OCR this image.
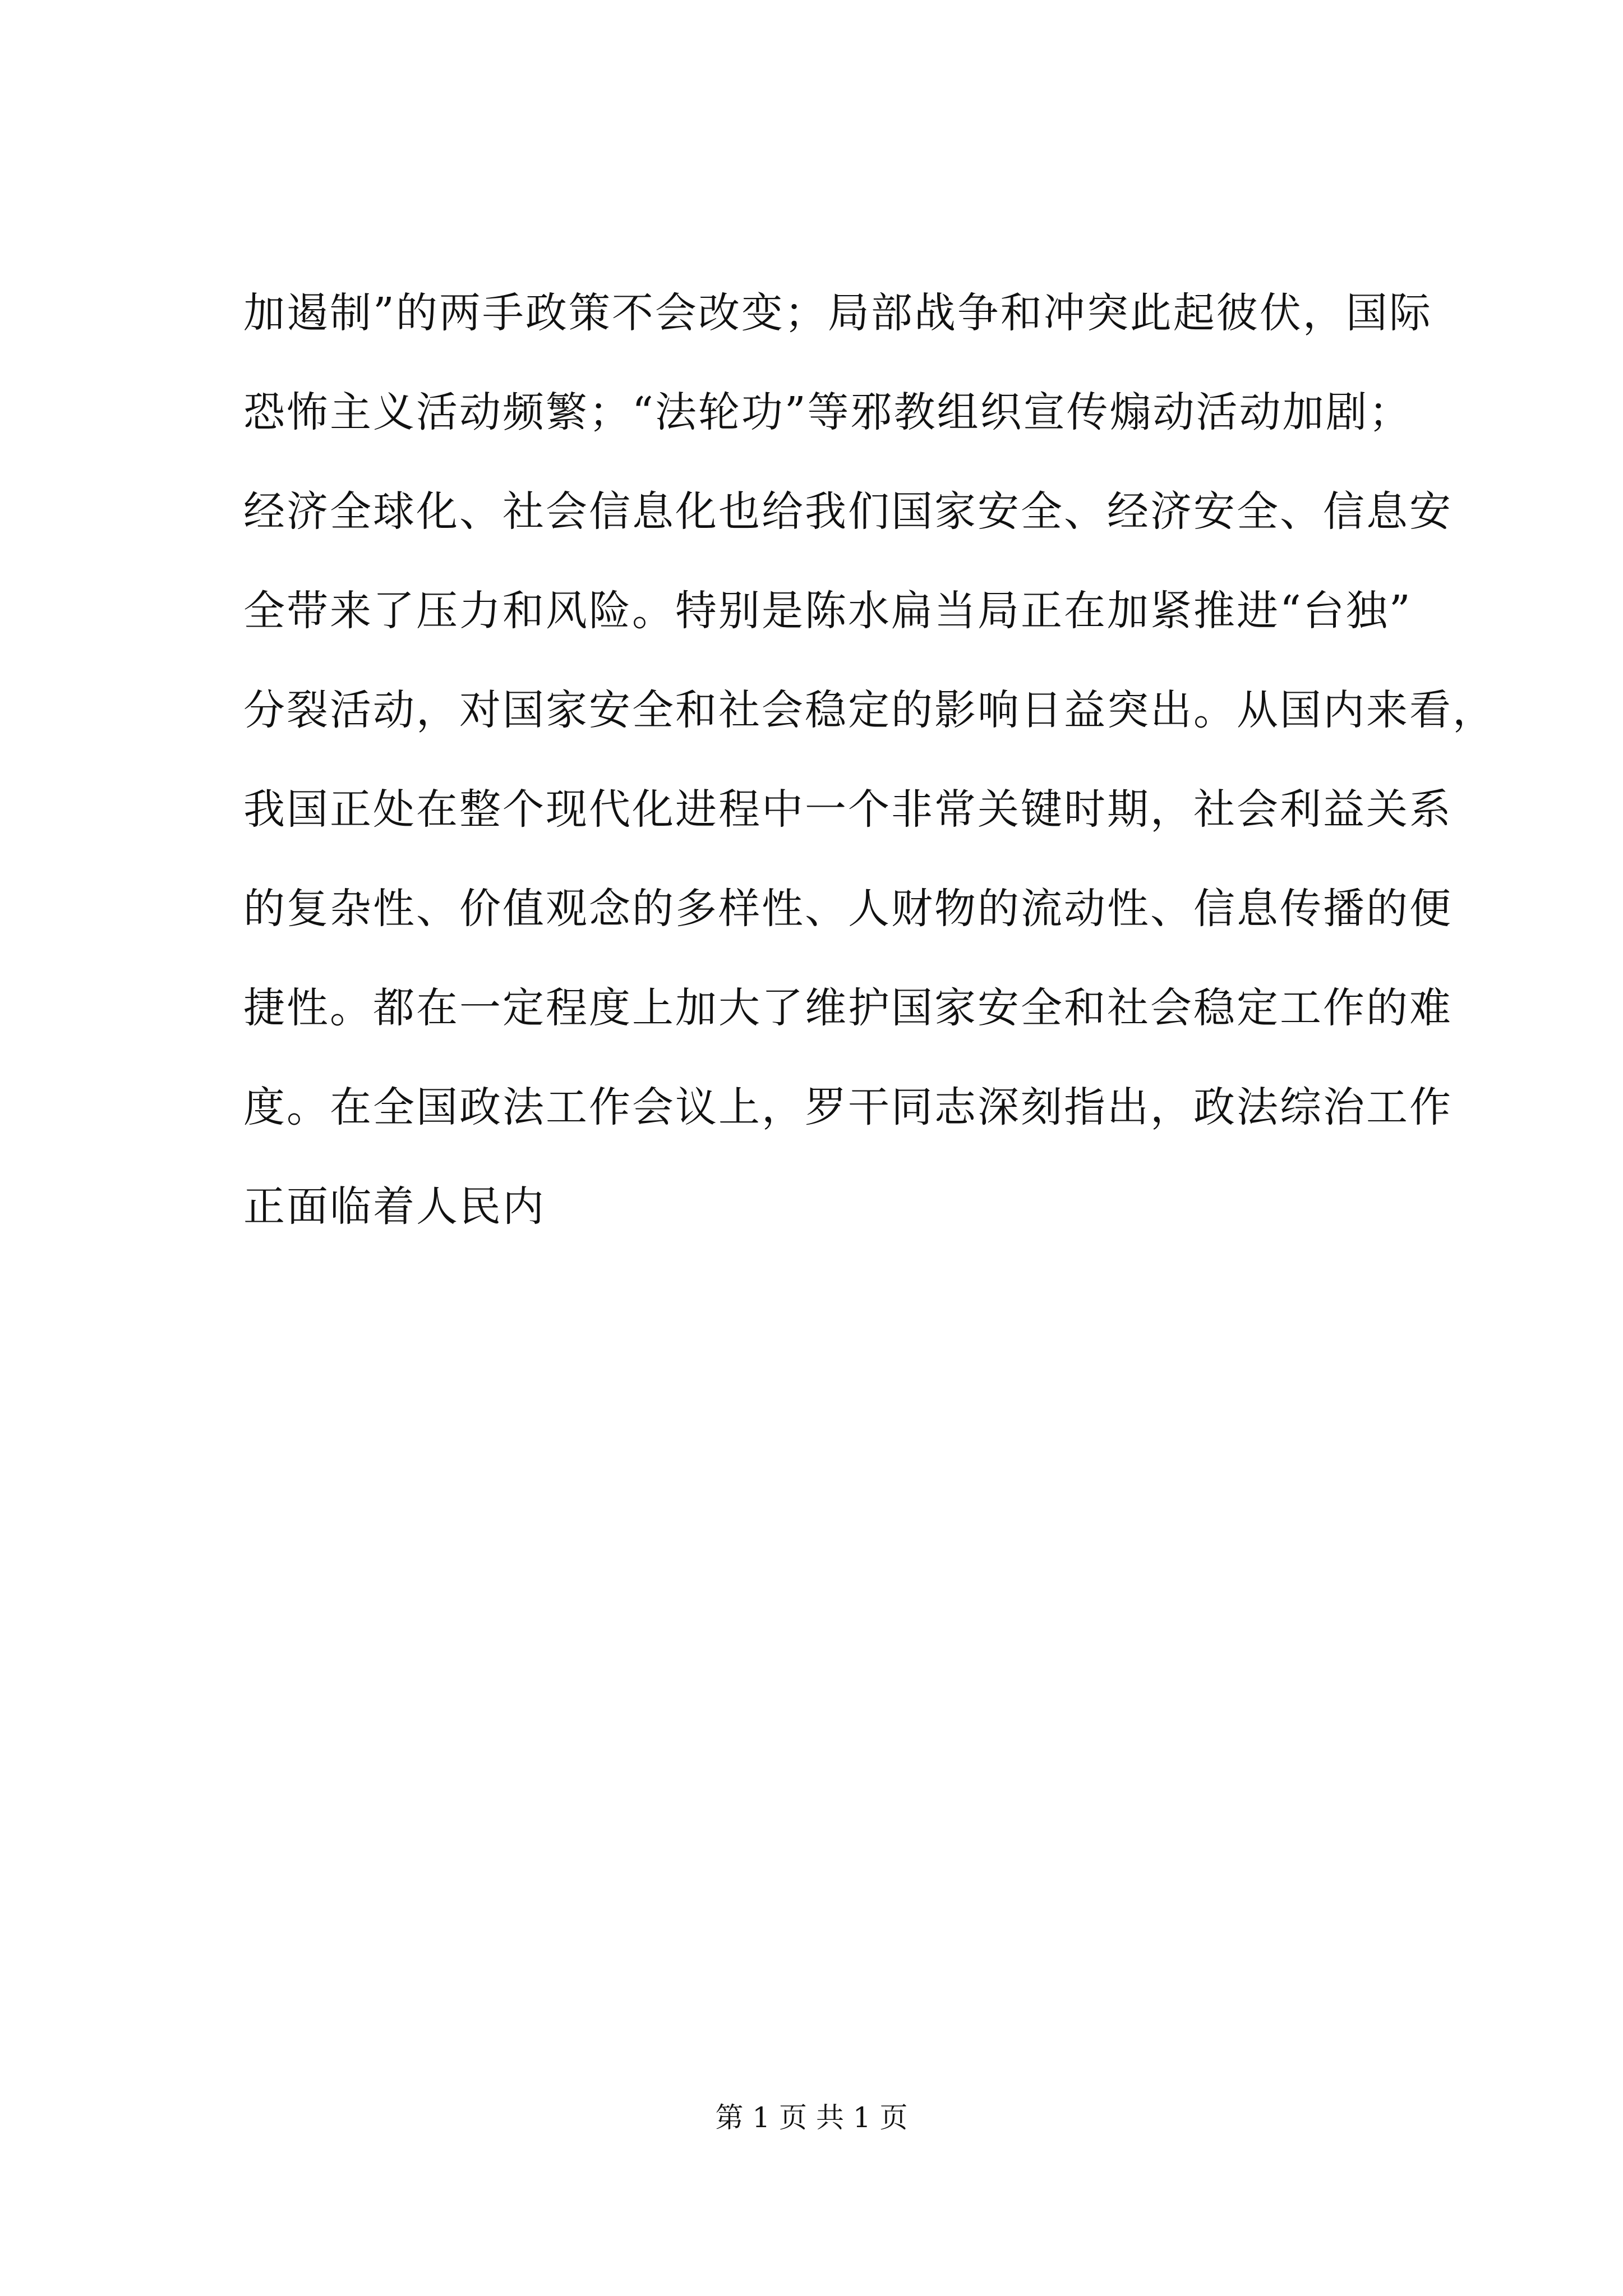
加遏制”的两手政策不会改变；局部战争和冲突此起彼伏，国际
恐怖主义活动频繁；“法轮功”等邪教组织宣传煽动活动加剧；
经济全球化、社会信息化也给我们国家安全、经济安全、信息安
全带来了压力和风险。特别是陈水扁当局正在加紧推进“台独”
分裂活动，对国家安全和社会稳定的影响日益突出。从国内来看，
我国正处在整个现代化进程中一个非常关键时期，社会利益关系
的复杂性、价值观念的多样性、人财物的流动性、信息传播的便
捷性。都在一定程度上加大了维护国家安全和社会稳定工作的难
度。在全国政法工作会议上，罗干同志深刻指出，政法综治工作
正面临着人民内
第 1 页 共 1 页
